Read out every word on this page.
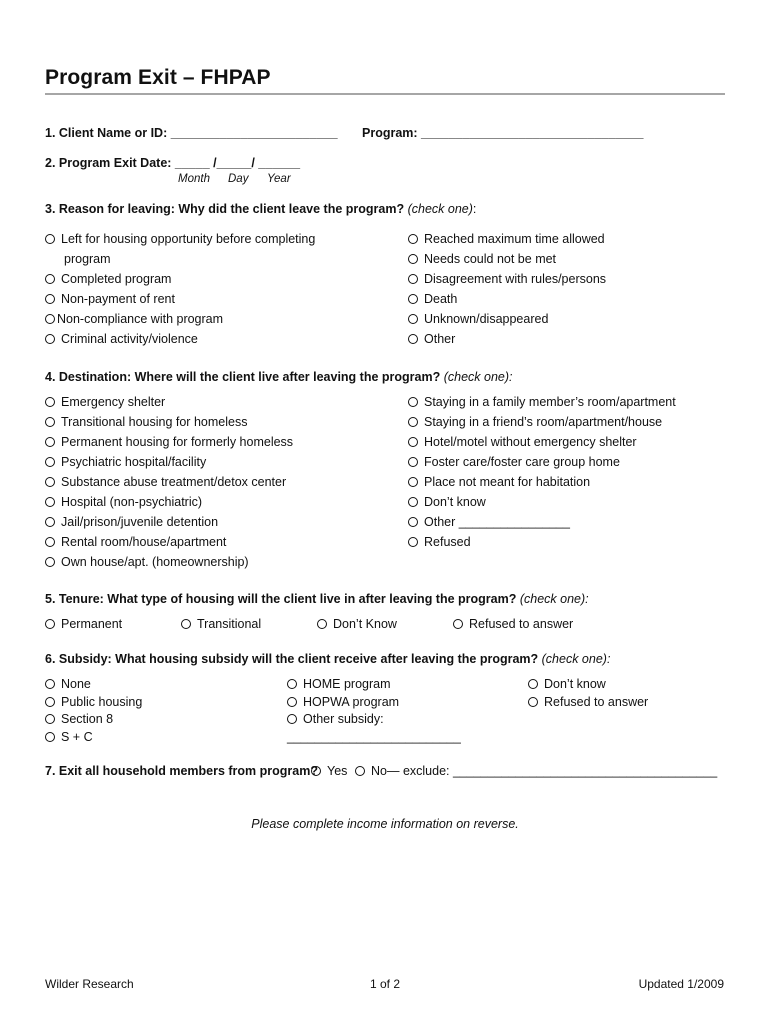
Program Exit – FHPAP
1. Client Name or ID: ________________________ Program: ________________________________
2. Program Exit Date: _____ /_____/ ______
Month Day Year
3. Reason for leaving: Why did the client leave the program? (check one):
Left for housing opportunity before completing
program
Completed program
Non-payment of rent
Non-compliance with program
Criminal activity/violence
Reached maximum time allowed
Needs could not be met
Disagreement with rules/persons
Death
Unknown/disappeared
Other
4. Destination: Where will the client live after leaving the program? (check one):
Emergency shelter
Transitional housing for homeless
Permanent housing for formerly homeless
Psychiatric hospital/facility
Substance abuse treatment/detox center
Hospital (non-psychiatric)
Jail/prison/juvenile detention
Rental room/house/apartment
Own house/apt. (homeownership)
Staying in a family member’s room/apartment
Staying in a friend’s room/apartment/house
Hotel/motel without emergency shelter
Foster care/foster care group home
Place not meant for habitation
Don’t know
Other ________________
Refused
5. Tenure: What type of housing will the client live in after leaving the program? (check one):
Permanent	Transitional	Don’t Know	Refused to answer
6. Subsidy: What housing subsidy will the client receive after leaving the program? (check one):
None
Public housing
Section 8
S + C
HOME program
HOPWA program
Other subsidy:
_________________________
Don’t know
Refused to answer
7. Exit all household members from program? Yes No— exclude: ______________________________________
Please complete income information on reverse.
Wilder Research	1 of 2	Updated 1/2009
